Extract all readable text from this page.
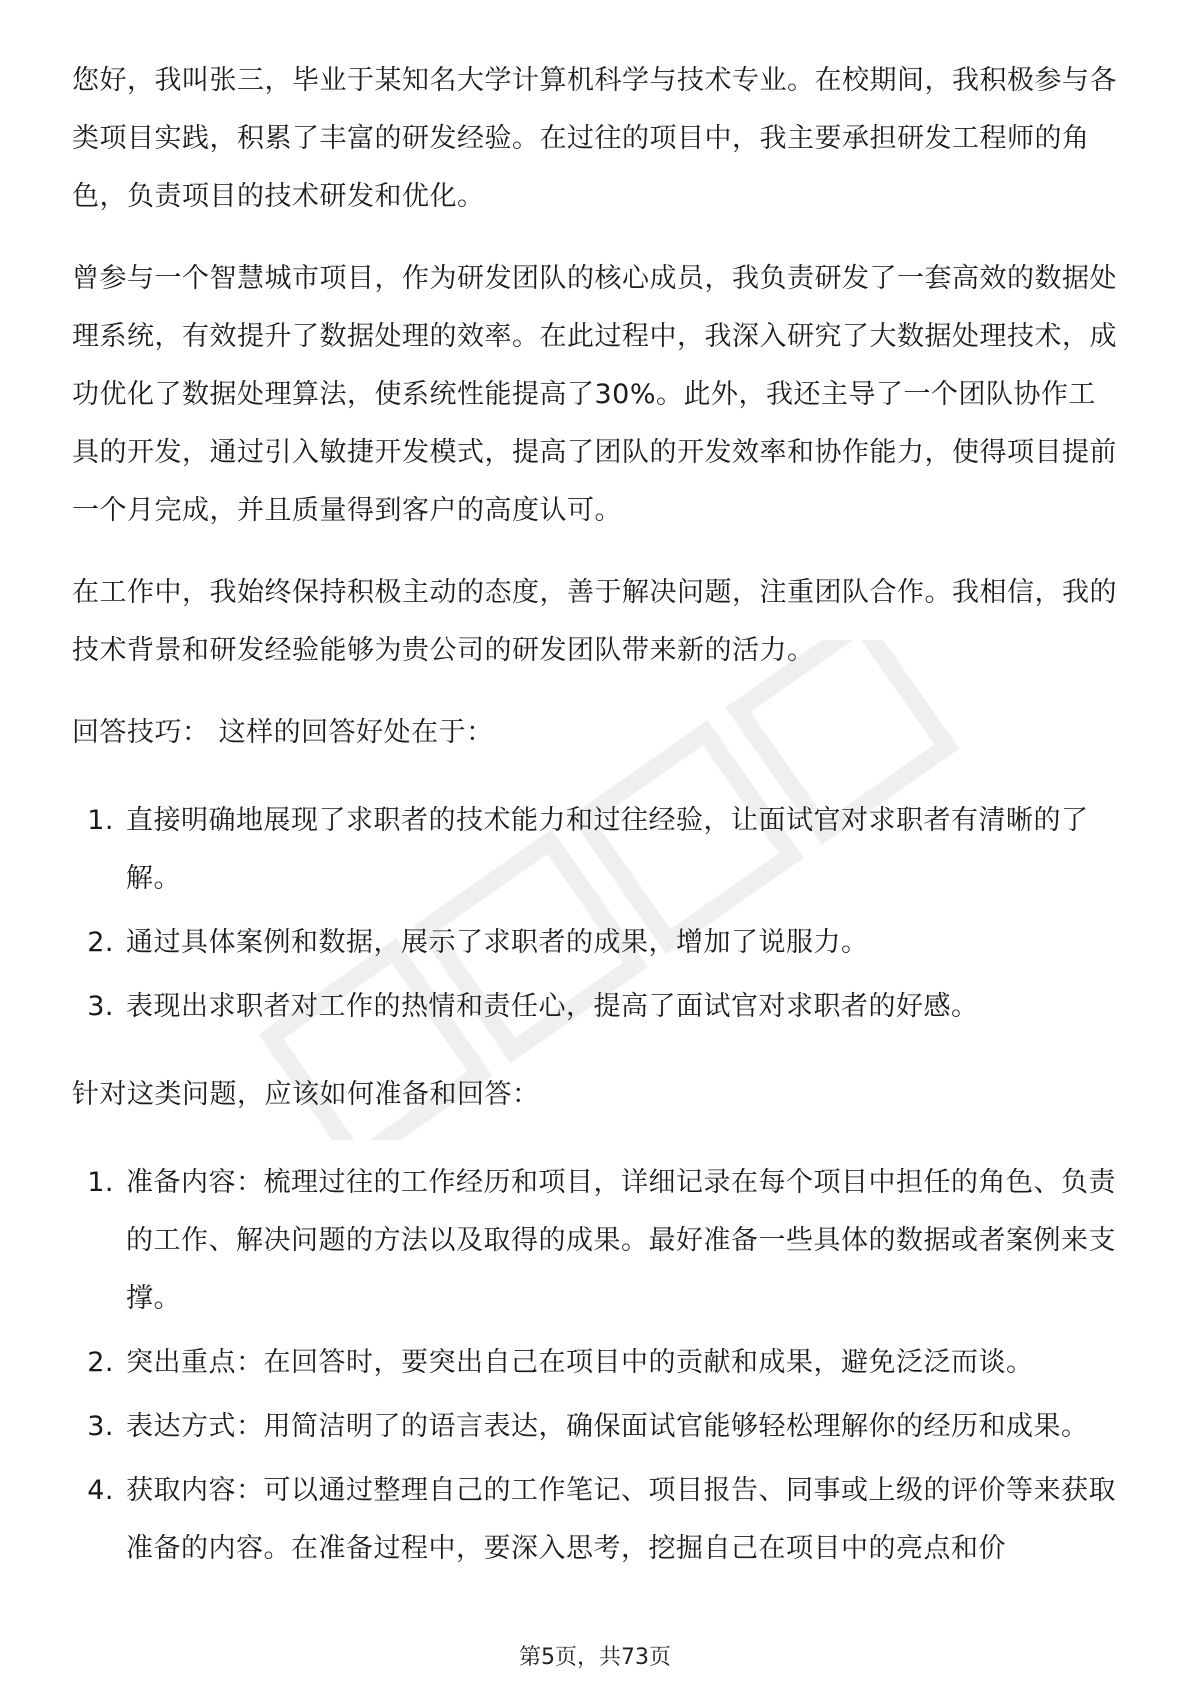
您好，我叫张三，毕业于某知名大学计算机科学与技术专业。在校期间，我积极参与各类项目实践，积累了丰富的研发经验。在过往的项目中，我主要承担研发工程师的角色，负责项目的技术研发和优化。

曾参与一个智慧城市项目，作为研发团队的核心成员，我负责研发了一套高效的数据处理系统，有效提升了数据处理的效率。在此过程中，我深入研究了大数据处理技术，成功优化了数据处理算法，使系统性能提高了30%。此外，我还主导了一个团队协作工具的开发，通过引入敏捷开发模式，提高了团队的开发效率和协作能力，使得项目提前一个月完成，并且质量得到客户的高度认可。

在工作中，我始终保持积极主动的态度，善于解决问题，注重团队合作。我相信，我的技术背景和研发经验能够为贵公司的研发团队带来新的活力。

回答技巧： 这样的回答好处在于：

1. 直接明确地展现了求职者的技术能力和过往经验，让面试官对求职者有清晰的了解。
2. 通过具体案例和数据，展示了求职者的成果，增加了说服力。
3. 表现出求职者对工作的热情和责任心，提高了面试官对求职者的好感。

针对这类问题，应该如何准备和回答：

1. 准备内容：梳理过往的工作经历和项目，详细记录在每个项目中担任的角色、负责的工作、解决问题的方法以及取得的成果。最好准备一些具体的数据或者案例来支撑。
2. 突出重点：在回答时，要突出自己在项目中的贡献和成果，避免泛泛而谈。
3. 表达方式：用简洁明了的语言表达，确保面试官能够轻松理解你的经历和成果。
4. 获取内容：可以通过整理自己的工作笔记、项目报告、同事或上级的评价等来获取准备的内容。在准备过程中，要深入思考，挖掘自己在项目中的亮点和价
第5页，共73页
